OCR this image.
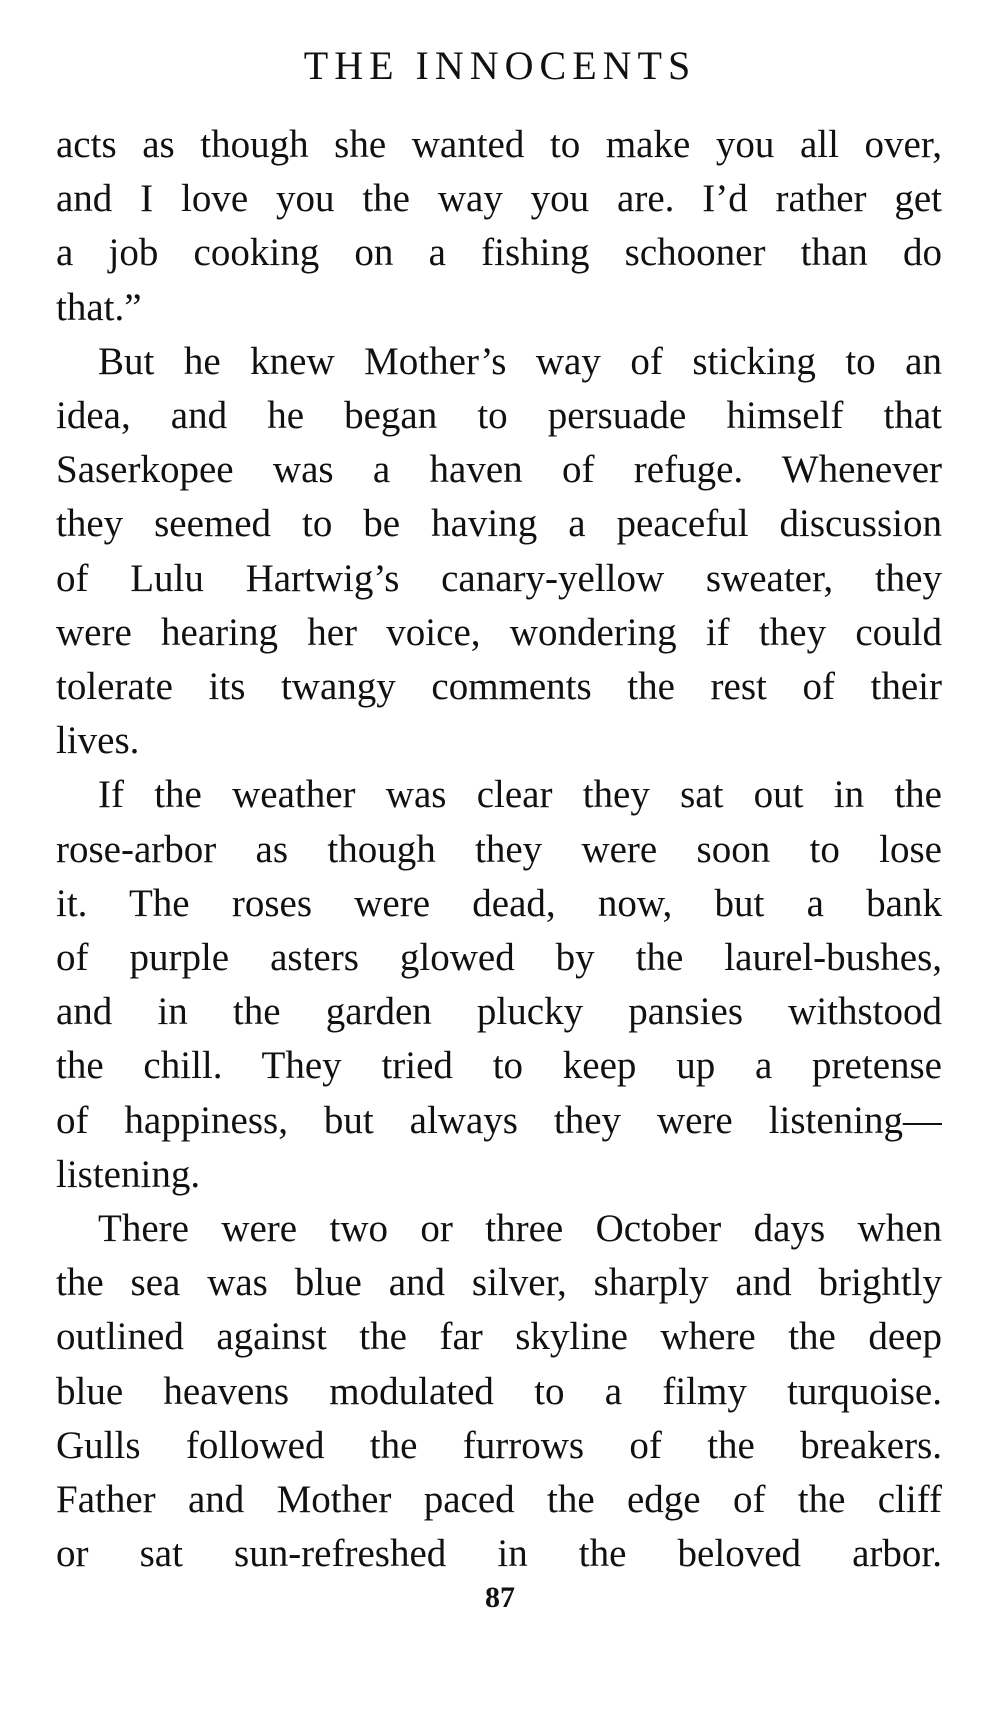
THE INNOCENTS

acts as though she wanted to make you all over,
and I love you the way you are. I’d rather get
a job cooking on a fishing schooner than do
that.”

But he knew Mother’s way of sticking to an
idea, and he began to persuade himself that
Saserkopee was a haven of refuge. Whenever
they seemed to be having a peaceful discussion
of Lulu Hartwig’s canary-yellow sweater, they
were hearing her voice, wondering if they could
tolerate its twangy comments the rest of their
lives.

If the weather was clear they sat out in the
rose-arbor as though they were soon to lose
it. The roses were dead, now, but a bank
of purple asters glowed by the laurel-bushes,
and in the garden plucky pansies withstood
the chill. They tried to keep up a pretense
of happiness, but always they were listening—
listening.

There were two or three October days when
the sea was blue and silver, sharply and brightly
outlined against the far skyline where the deep
blue heavens modulated to a filmy turquoise.
Gulls followed the furrows of the breakers.
Father and Mother paced the edge of the cliff
or sat sun-refreshed in the beloved arbor.

87
